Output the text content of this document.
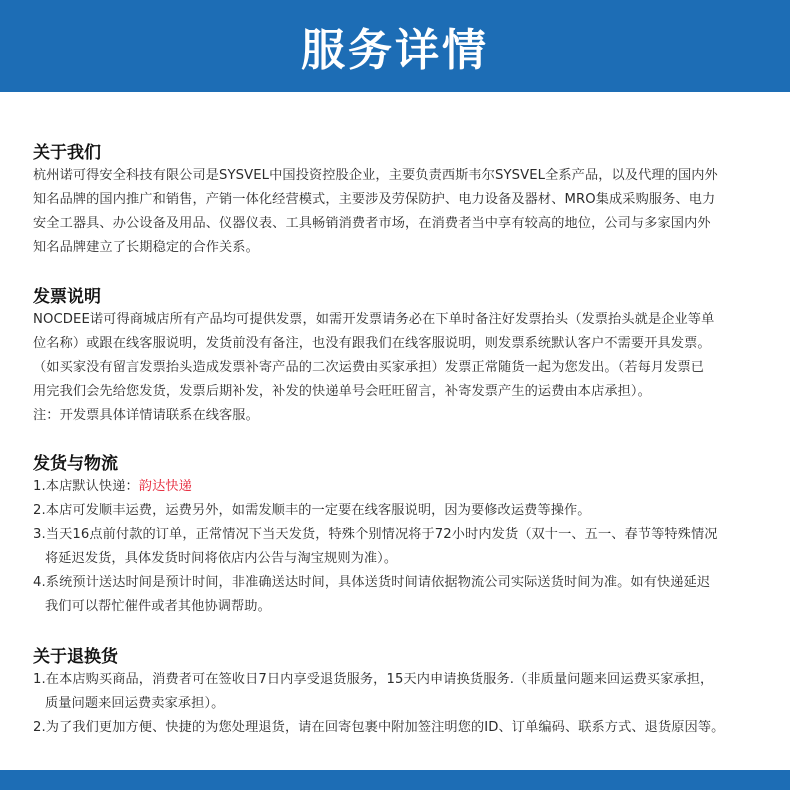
服务详情

关于我们

杭州诺可得安全科技有限公司是SYSVEL中国投资控股企业，主要负责西斯韦尔SYSVEL全系产品，以及代理的国内外

知名品牌的国内推广和销售，产销一体化经营模式，主要涉及劳保防护、电力设备及器材、MRO集成采购服务、电力

安全工器具、办公设备及用品、仪器仪表、工具畅销消费者市场，在消费者当中享有较高的地位，公司与多家国内外

知名品牌建立了长期稳定的合作关系。

发票说明

NOCDEE诺可得商城店所有产品均可提供发票，如需开发票请务必在下单时备注好发票抬头（发票抬头就是企业等单

位名称）或跟在线客服说明，发货前没有备注，也没有跟我们在线客服说明，则发票系统默认客户不需要开具发票。

（如买家没有留言发票抬头造成发票补寄产品的二次运费由买家承担）发票正常随货一起为您发出。（若每月发票已

用完我们会先给您发货，发票后期补发，补发的快递单号会旺旺留言，补寄发票产生的运费由本店承担）。

注：开发票具体详情请联系在线客服。

发货与物流

1.本店默认快递：韵达快递

2.本店可发顺丰运费，运费另外，如需发顺丰的一定要在线客服说明，因为要修改运费等操作。

3.当天16点前付款的订单，正常情况下当天发货，特殊个别情况将于72小时内发货（双十一、五一、春节等特殊情况

将延迟发货，具体发货时间将依店内公告与淘宝规则为准）。

4.系统预计送达时间是预计时间，非准确送达时间，具体送货时间请依据物流公司实际送货时间为准。如有快递延迟

我们可以帮忙催件或者其他协调帮助。

关于退换货

1.在本店购买商品，消费者可在签收日7日内享受退货服务，15天内申请换货服务.（非质量问题来回运费买家承担，

质量问题来回运费卖家承担）。

2.为了我们更加方便、快捷的为您处理退货，请在回寄包裹中附加签注明您的ID、订单编码、联系方式、退货原因等。
